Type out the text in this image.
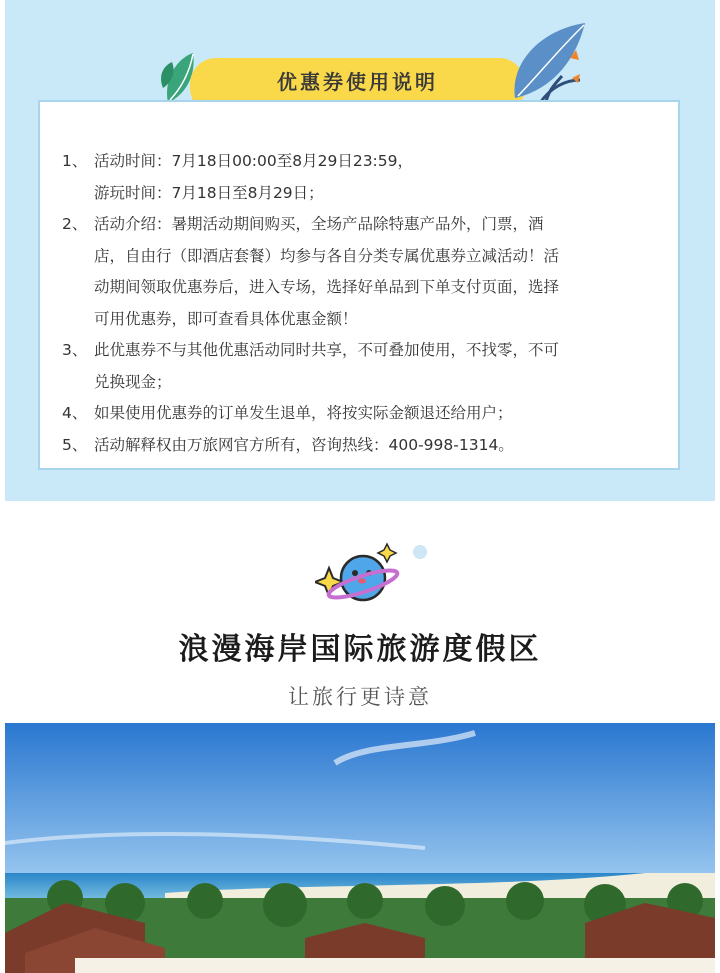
优惠券使用说明
1、 活动时间：7月18日00:00至8月29日23:59，
游玩时间：7月18日至8月29日；
2、 活动介绍：暑期活动期间购买，全场产品除特惠产品外，门票，酒
店，自由行（即酒店套餐）均参与各自分类专属优惠券立减活动！活
动期间领取优惠券后，进入专场，选择好单品到下单支付页面，选择
可用优惠券，即可查看具体优惠金额！
3、 此优惠券不与其他优惠活动同时共享，不可叠加使用，不找零，不可
兑换现金；
4、 如果使用优惠券的订单发生退单，将按实际金额退还给用户；
5、 活动解释权由万旅网官方所有，咨询热线：400-998-1314。
浪漫海岸国际旅游度假区
让旅行更诗意
